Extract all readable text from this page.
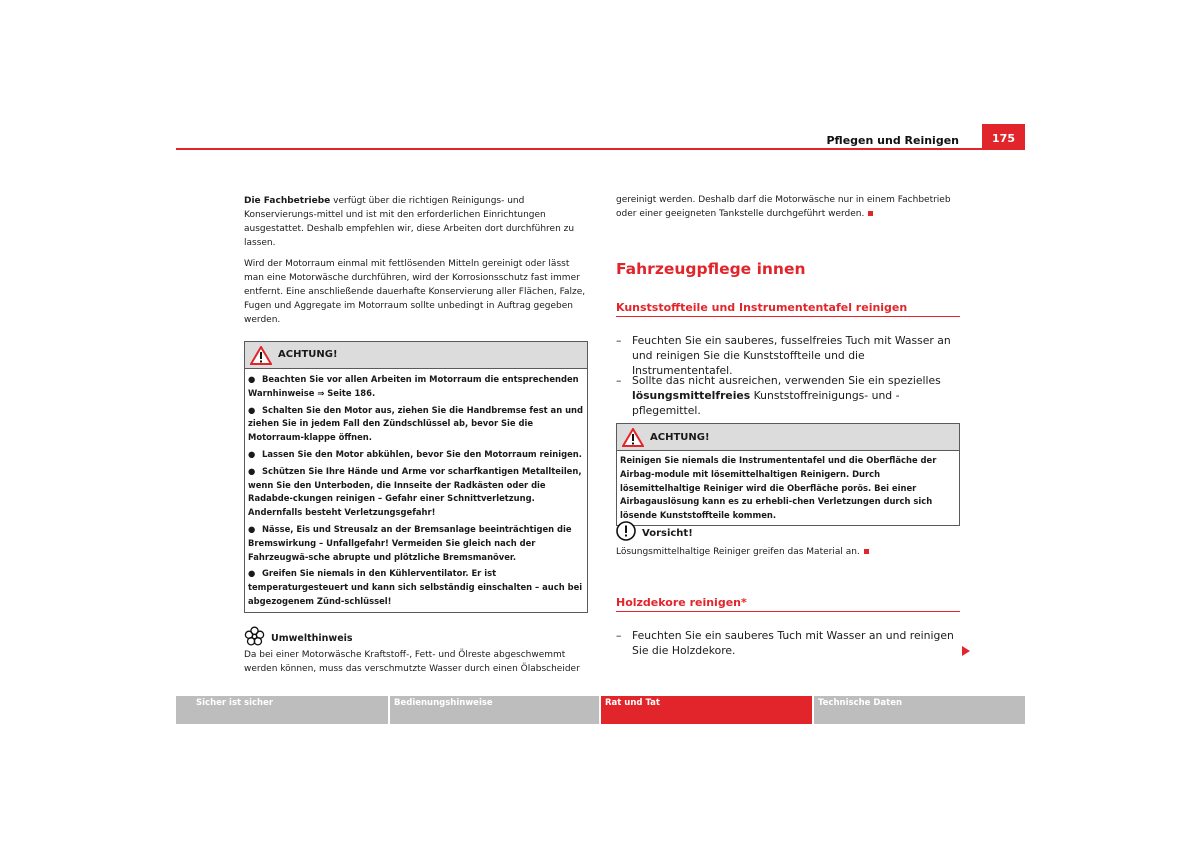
Pflegen und Reinigen	175

Die Fachbetriebe verfügt über die richtigen Reinigungs- und Konservierungs-mittel und ist mit den erforderlichen Einrichtungen ausgestattet. Deshalb empfehlen wir, diese Arbeiten dort durchführen zu lassen.

Wird der Motorraum einmal mit fettlösenden Mitteln gereinigt oder lässt man eine Motorwäsche durchführen, wird der Korrosionsschutz fast immer entfernt. Eine anschließende dauerhafte Konservierung aller Flächen, Falze, Fugen und Aggregate im Motorraum sollte unbedingt in Auftrag gegeben werden.

ACHTUNG!
● Beachten Sie vor allen Arbeiten im Motorraum die entsprechenden Warnhinweise ⇒ Seite 186.
● Schalten Sie den Motor aus, ziehen Sie die Handbremse fest an und ziehen Sie in jedem Fall den Zündschlüssel ab, bevor Sie die Motorraum-klappe öffnen.
● Lassen Sie den Motor abkühlen, bevor Sie den Motorraum reinigen.
● Schützen Sie Ihre Hände und Arme vor scharfkantigen Metallteilen, wenn Sie den Unterboden, die Innseite der Radkästen oder die Radabde-ckungen reinigen – Gefahr einer Schnittverletzung. Andernfalls besteht Verletzungsgefahr!
● Nässe, Eis und Streusalz an der Bremsanlage beeinträchtigen die Bremswirkung – Unfallgefahr! Vermeiden Sie gleich nach der Fahrzeugwä-sche abrupte und plötzliche Bremsmanöver.
● Greifen Sie niemals in den Kühlerventilator. Er ist temperaturgesteuert und kann sich selbständig einschalten – auch bei abgezogenem Zünd-schlüssel!
Umwelthinweis

Da bei einer Motorwäsche Kraftstoff-, Fett- und Ölreste abgeschwemmt werden können, muss das verschmutzte Wasser durch einen Ölabscheider

gereinigt werden. Deshalb darf die Motorwäsche nur in einem Fachbetrieb oder einer geeigneten Tankstelle durchgeführt werden.

Fahrzeugpflege innen
Kunststoffteile und Instrumententafel reinigen
– Feuchten Sie ein sauberes, fusselfreies Tuch mit Wasser an und reinigen Sie die Kunststoffteile und die Instrumententafel.
– Sollte das nicht ausreichen, verwenden Sie ein spezielles lösungsmittelfreies Kunststoffreinigungs- und -pflegemittel.
ACHTUNG!
Reinigen Sie niemals die Instrumententafel und die Oberfläche der Airbag-module mit lösemittelhaltigen Reinigern. Durch lösemittelhaltige Reiniger wird die Oberfläche porös. Bei einer Airbagauslösung kann es zu erhebli-chen Verletzungen durch sich lösende Kunststoffteile kommen.
Vorsicht!

Lösungsmittelhaltige Reiniger greifen das Material an.

Holzdekore reinigen*
– Feuchten Sie ein sauberes Tuch mit Wasser an und reinigen Sie die Holzdekore.
Sicher ist sicher	Bedienungshinweise	Rat und Tat	Technische Daten
